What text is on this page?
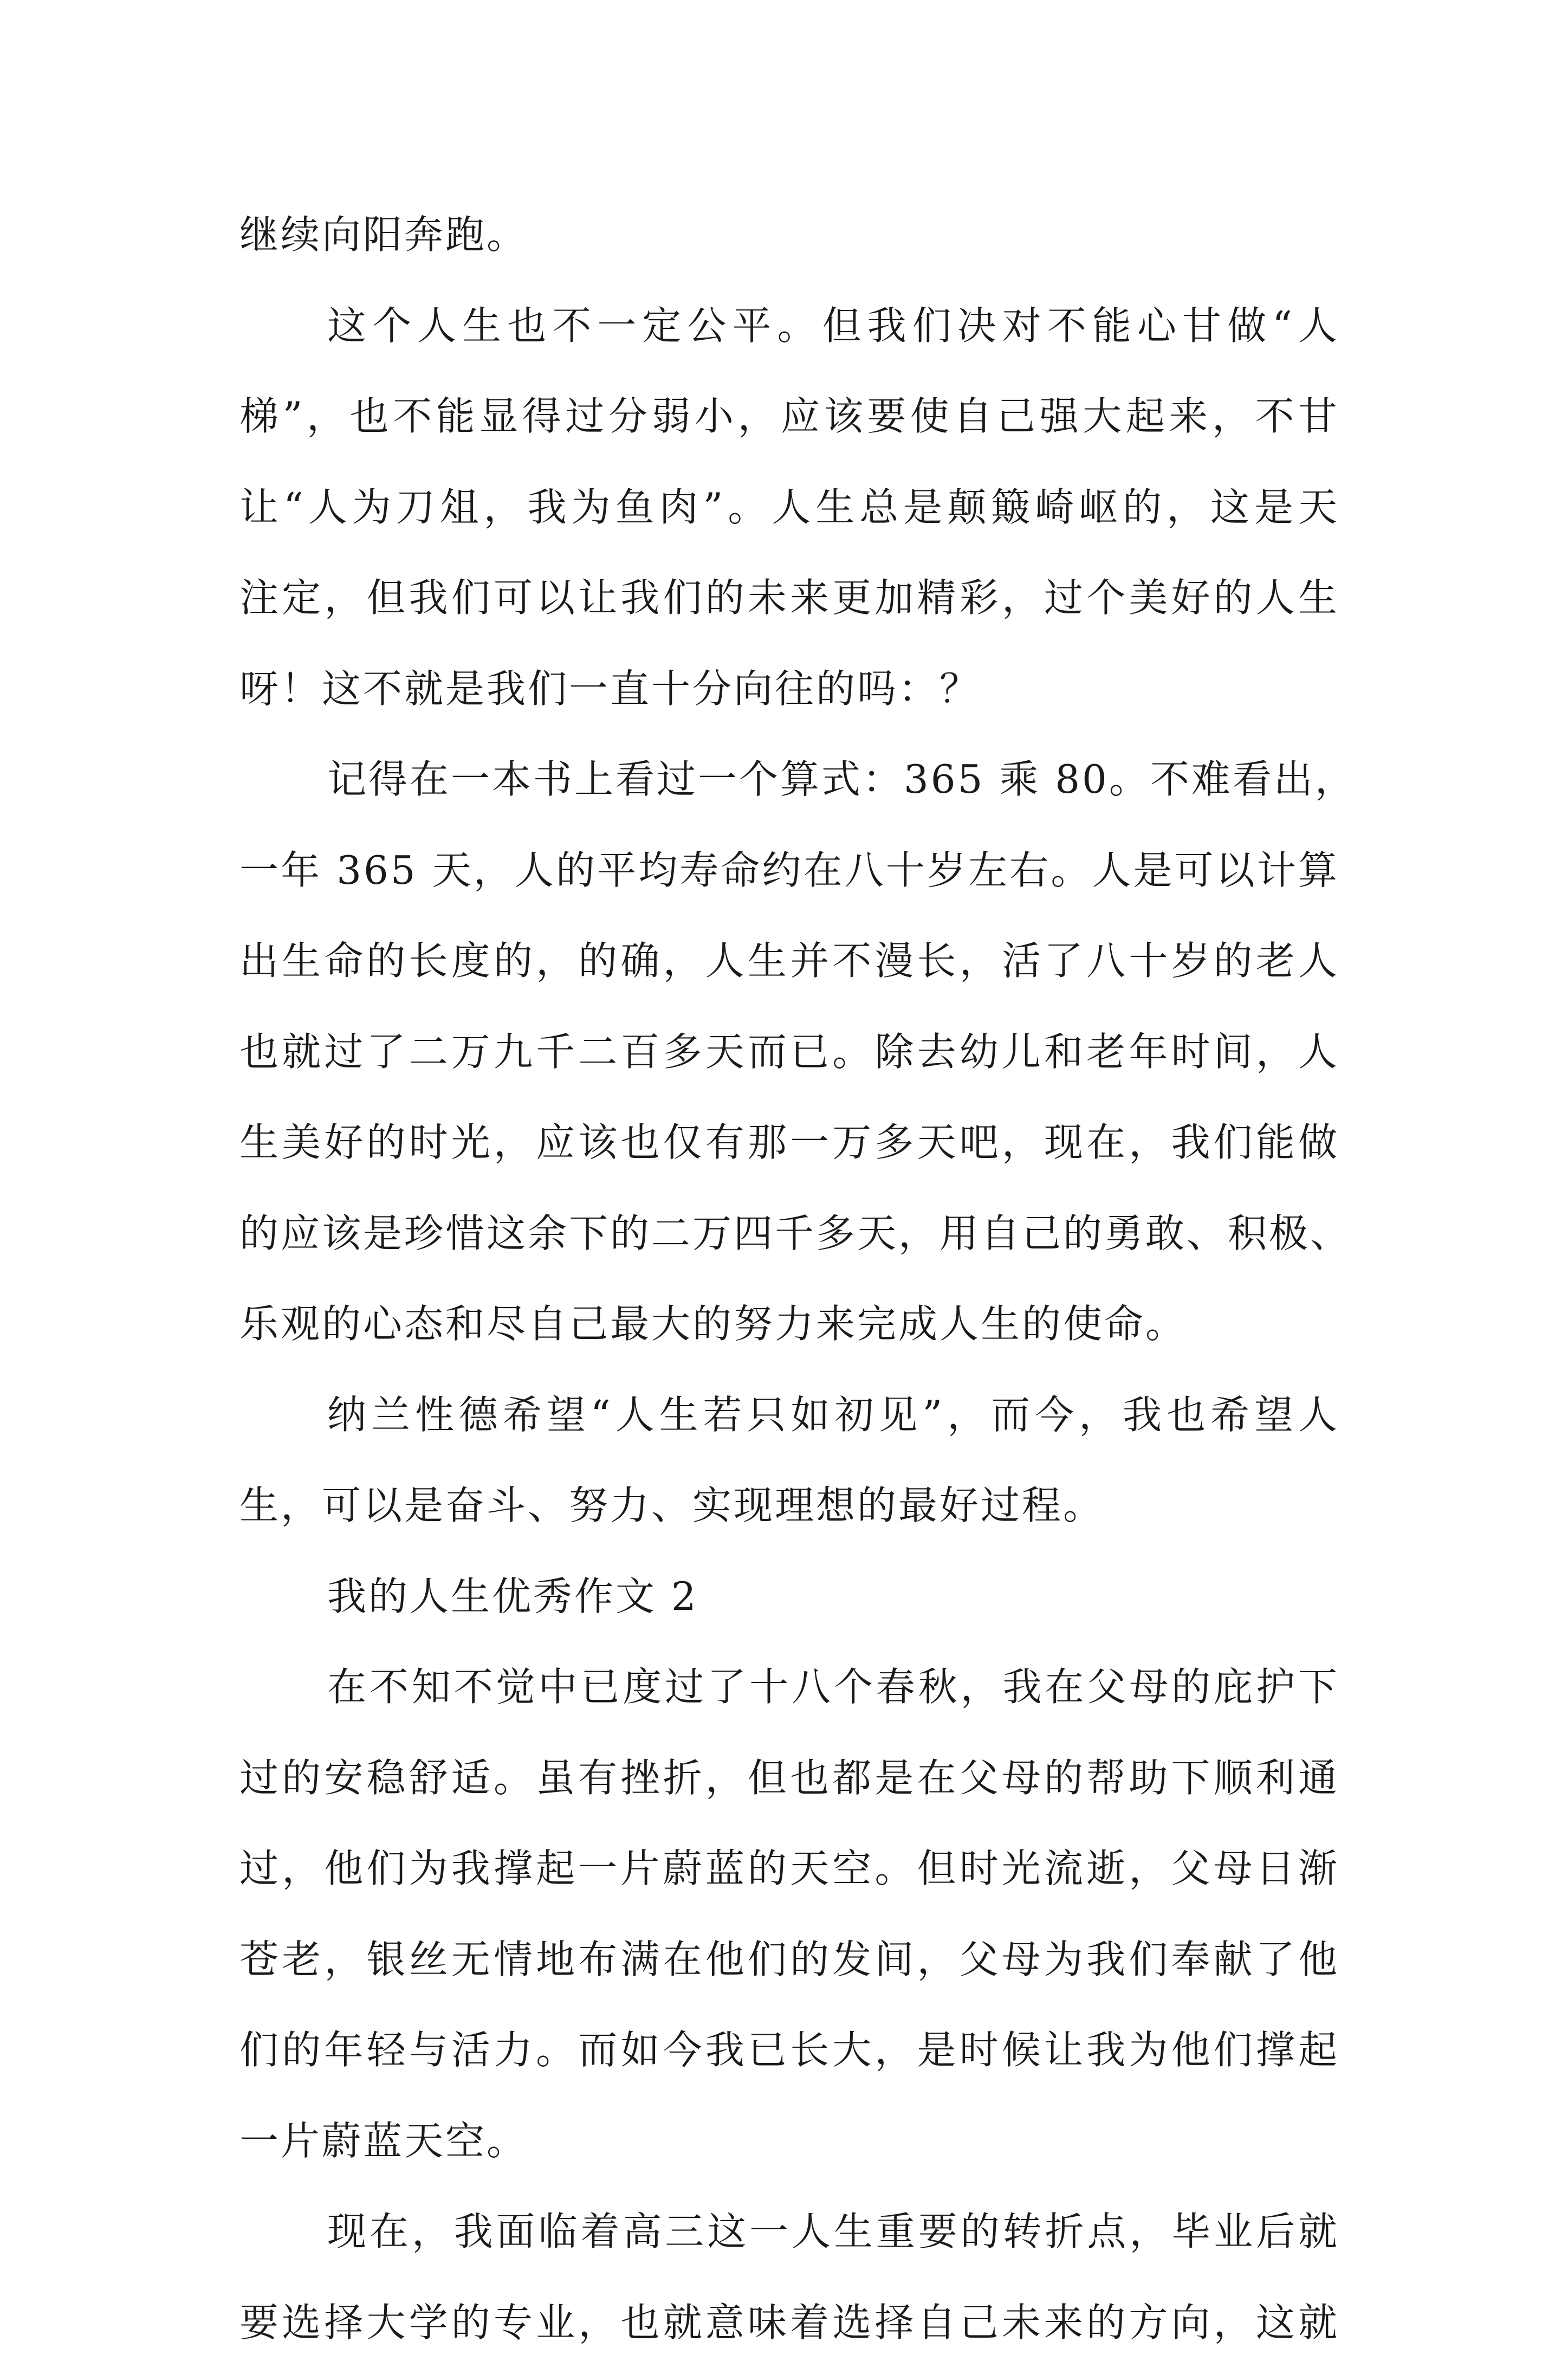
继续向阳奔跑。
这个人生也不一定公平。但我们决对不能心甘做“人
梯”，也不能显得过分弱小，应该要使自己强大起来，不甘
让“人为刀俎，我为鱼肉”。人生总是颠簸崎岖的，这是天
注定，但我们可以让我们的未来更加精彩，过个美好的人生
呀！这不就是我们一直十分向往的吗：？
记得在一本书上看过一个算式：365 乘 80。不难看出，
一年 365 天，人的平均寿命约在八十岁左右。人是可以计算
出生命的长度的，的确，人生并不漫长，活了八十岁的老人
也就过了二万九千二百多天而已。除去幼儿和老年时间，人
生美好的时光，应该也仅有那一万多天吧，现在，我们能做
的应该是珍惜这余下的二万四千多天，用自己的勇敢、积极、
乐观的心态和尽自己最大的努力来完成人生的使命。
纳兰性德希望“人生若只如初见”，而今，我也希望人
生，可以是奋斗、努力、实现理想的最好过程。
我的人生优秀作文 2
在不知不觉中已度过了十八个春秋，我在父母的庇护下
过的安稳舒适。虽有挫折，但也都是在父母的帮助下顺利通
过，他们为我撑起一片蔚蓝的天空。但时光流逝，父母日渐
苍老，银丝无情地布满在他们的发间，父母为我们奉献了他
们的年轻与活力。而如今我已长大，是时候让我为他们撑起
一片蔚蓝天空。
现在，我面临着高三这一人生重要的转折点，毕业后就
要选择大学的专业，也就意味着选择自己未来的方向，这就
